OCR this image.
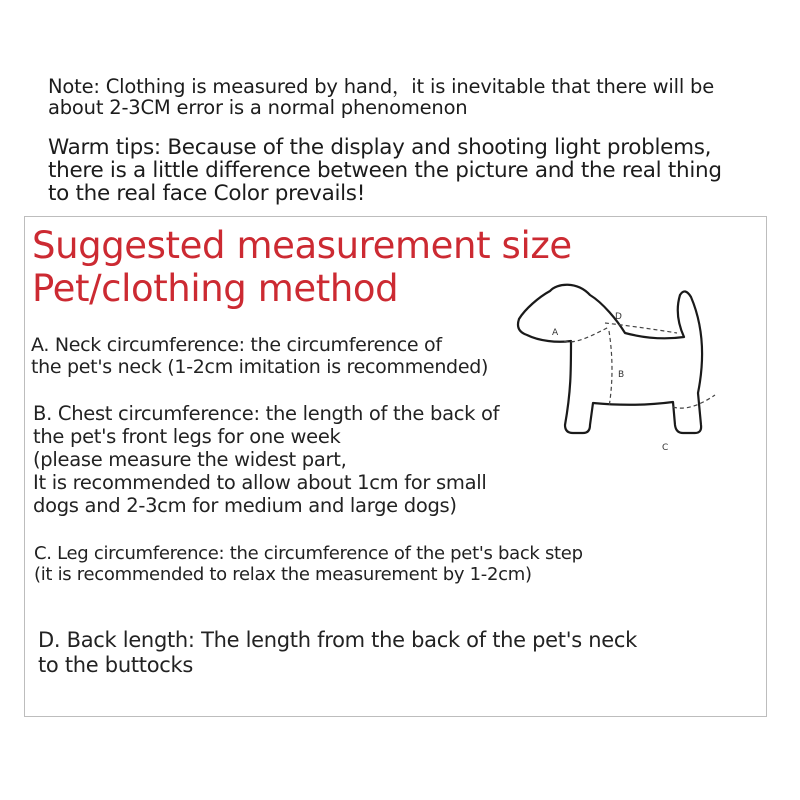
Note: Clothing is measured by hand，it is inevitable that there will be

about 2-3CM error is a normal phenomenon

Warm tips: Because of the display and shooting light problems,

there is a little difference between the picture and the real thing

to the real face Color prevails!

Suggested measurement size

Pet/clothing method

A. Neck circumference: the circumference of

the pet's neck (1-2cm imitation is recommended)

B. Chest circumference: the length of the back of

the pet's front legs for one week

(please measure the widest part,

It is recommended to allow about 1cm for small

dogs and 2-3cm for medium and large dogs)

C. Leg circumference: the circumference of the pet's back step

(it is recommended to relax the measurement by 1-2cm)

D. Back length: The length from the back of the pet's neck

to the buttocks

A
B
C
D
